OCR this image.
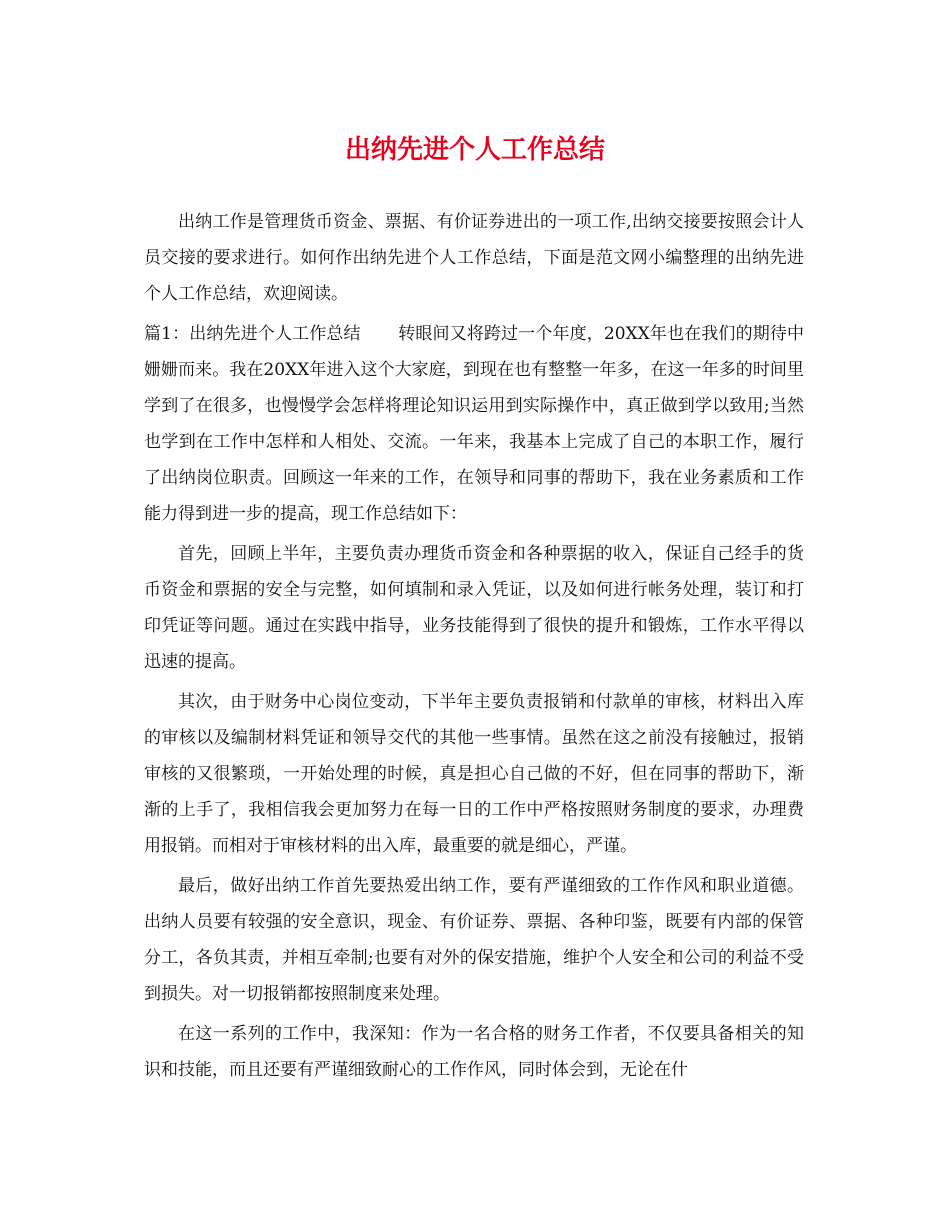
出纳先进个人工作总结

出纳工作是管理货币资金、票据、有价证券进出的一项工作,出纳交接要按照会计人员交接的要求进行。如何作出纳先进个人工作总结，下面是范文网小编整理的出纳先进个人工作总结，欢迎阅读。

篇1：出纳先进个人工作总结 转眼间又将跨过一个年度，20XX年也在我们的期待中姗姗而来。我在20XX年进入这个大家庭，到现在也有整整一年多，在这一年多的时间里学到了在很多，也慢慢学会怎样将理论知识运用到实际操作中，真正做到学以致用;当然也学到在工作中怎样和人相处、交流。一年来，我基本上完成了自己的本职工作，履行了出纳岗位职责。回顾这一年来的工作，在领导和同事的帮助下，我在业务素质和工作能力得到进一步的提高，现工作总结如下：

首先，回顾上半年，主要负责办理货币资金和各种票据的收入，保证自己经手的货币资金和票据的安全与完整，如何填制和录入凭证，以及如何进行帐务处理，装订和打印凭证等问题。通过在实践中指导，业务技能得到了很快的提升和锻炼，工作水平得以迅速的提高。

其次，由于财务中心岗位变动，下半年主要负责报销和付款单的审核，材料出入库的审核以及编制材料凭证和领导交代的其他一些事情。虽然在这之前没有接触过，报销审核的又很繁琐，一开始处理的时候，真是担心自己做的不好，但在同事的帮助下，渐渐的上手了，我相信我会更加努力在每一日的工作中严格按照财务制度的要求，办理费用报销。而相对于审核材料的出入库，最重要的就是细心，严谨。

最后，做好出纳工作首先要热爱出纳工作，要有严谨细致的工作作风和职业道德。出纳人员要有较强的安全意识，现金、有价证券、票据、各种印鉴，既要有内部的保管分工，各负其责，并相互牵制;也要有对外的保安措施，维护个人安全和公司的利益不受到损失。对一切报销都按照制度来处理。

在这一系列的工作中，我深知：作为一名合格的财务工作者，不仅要具备相关的知识和技能，而且还要有严谨细致耐心的工作作风，同时体会到，无论在什
